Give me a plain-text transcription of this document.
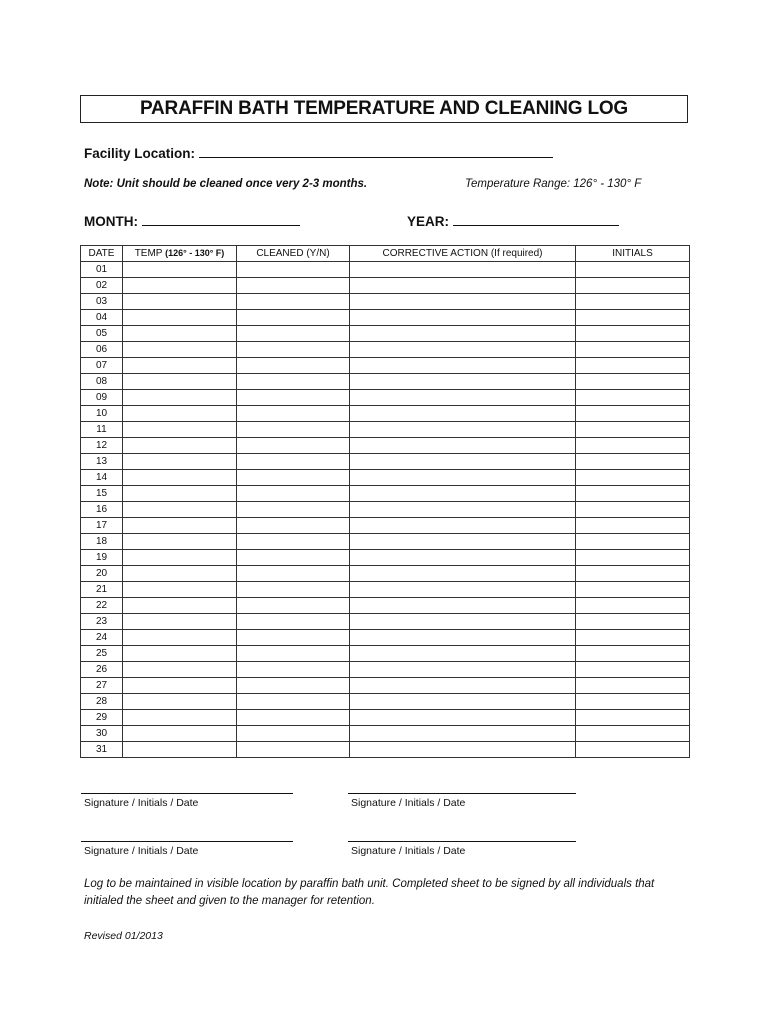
PARAFFIN BATH TEMPERATURE AND CLEANING LOG
Facility Location:
Note: Unit should be cleaned once very 2-3 months.	Temperature Range: 126° - 130° F
MONTH:	YEAR:
DATE	TEMP (126° - 130° F)	CLEANED (Y/N)	CORRECTIVE ACTION (If required)	INITIALS
01				
02				
03				
04				
05				
06				
07				
08				
09				
10				
11				
12				
13				
14				
15				
16				
17				
18				
19				
20				
21				
22				
23				
24				
25				
26				
27				
28				
29				
30				
31				
Signature / Initials / Date	Signature / Initials / Date
Signature / Initials / Date	Signature / Initials / Date
Log to be maintained in visible location by paraffin bath unit. Completed sheet to be signed by all individuals that initialed the sheet and given to the manager for retention.
Revised 01/2013
